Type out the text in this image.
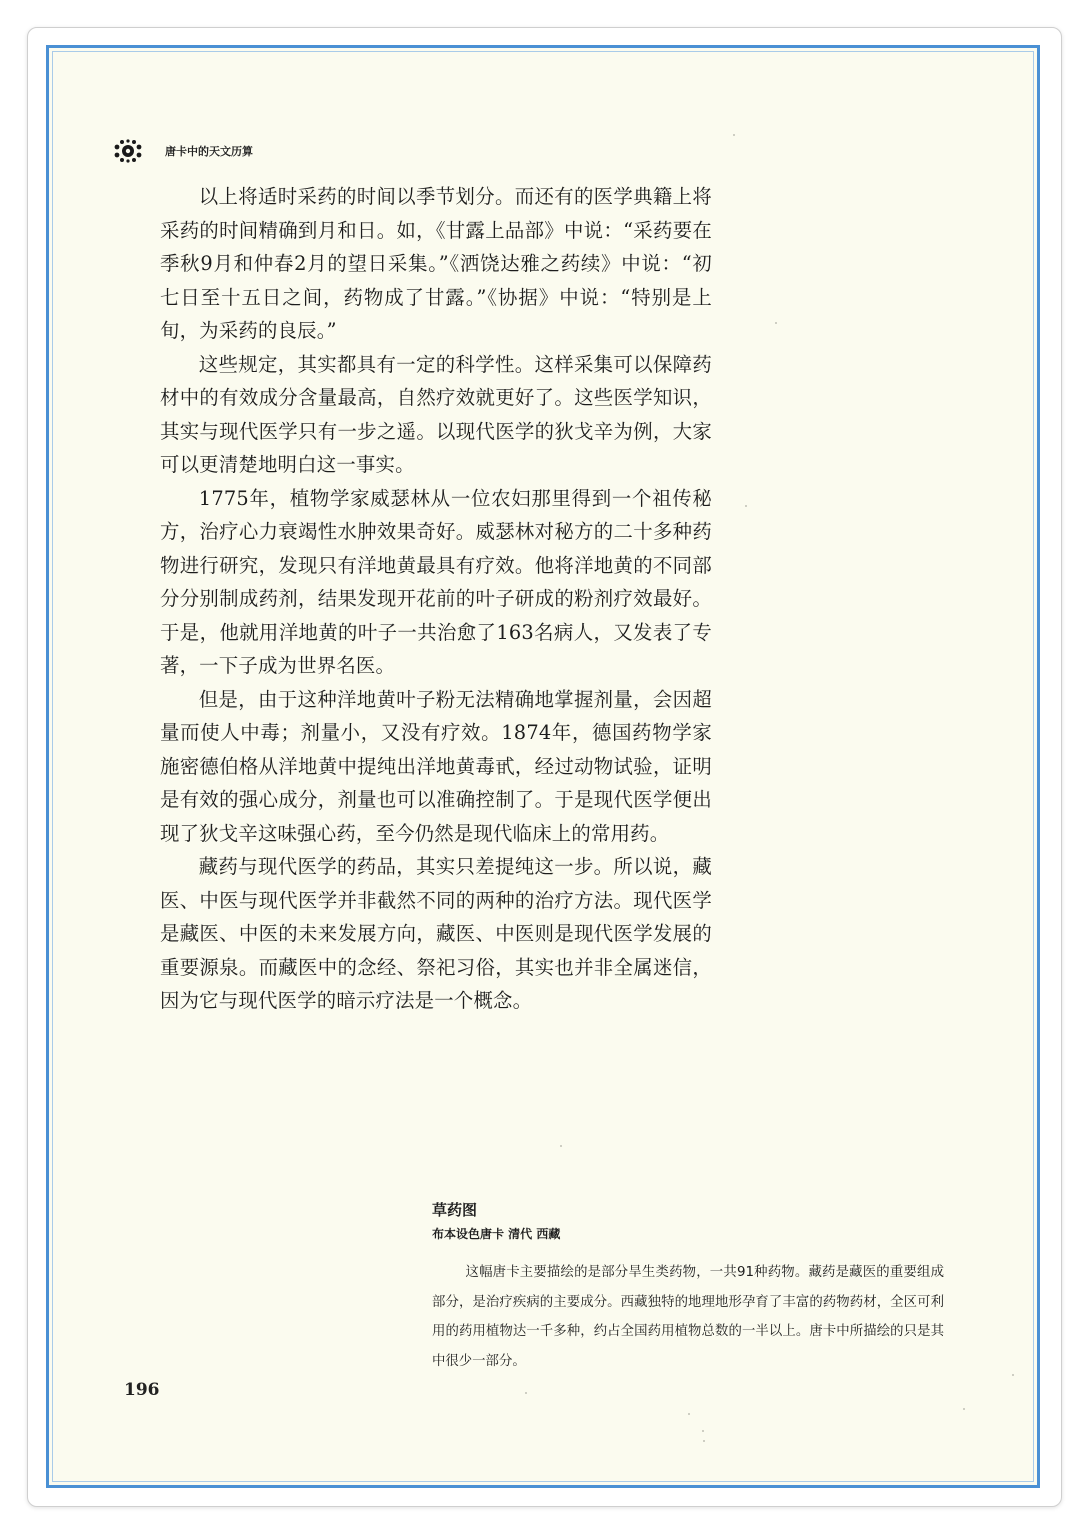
唐卡中的天文历算

以上将适时采药的时间以季节划分。而还有的医学典籍上将采药的时间精确到月和日。如，《甘露上品部》中说：“采药要在季秋9月和仲春2月的望日采集。”《洒饶达雅之药续》中说：“初七日至十五日之间，药物成了甘露。”《协据》中说：“特别是上旬，为采药的良辰。”

这些规定，其实都具有一定的科学性。这样采集可以保障药材中的有效成分含量最高，自然疗效就更好了。这些医学知识，其实与现代医学只有一步之遥。以现代医学的狄戈辛为例，大家可以更清楚地明白这一事实。

1775年，植物学家威瑟林从一位农妇那里得到一个祖传秘方，治疗心力衰竭性水肿效果奇好。威瑟林对秘方的二十多种药物进行研究，发现只有洋地黄最具有疗效。他将洋地黄的不同部分分别制成药剂，结果发现开花前的叶子研成的粉剂疗效最好。于是，他就用洋地黄的叶子一共治愈了163名病人，又发表了专著，一下子成为世界名医。

但是，由于这种洋地黄叶子粉无法精确地掌握剂量，会因超量而使人中毒；剂量小，又没有疗效。1874年，德国药物学家施密德伯格从洋地黄中提纯出洋地黄毒甙，经过动物试验，证明是有效的强心成分，剂量也可以准确控制了。于是现代医学便出现了狄戈辛这味强心药，至今仍然是现代临床上的常用药。

藏药与现代医学的药品，其实只差提纯这一步。所以说，藏医、中医与现代医学并非截然不同的两种的治疗方法。现代医学是藏医、中医的未来发展方向，藏医、中医则是现代医学发展的重要源泉。而藏医中的念经、祭祀习俗，其实也并非全属迷信，因为它与现代医学的暗示疗法是一个概念。

草药图
布本设色唐卡 清代 西藏

这幅唐卡主要描绘的是部分旱生类药物，一共91种药物。藏药是藏医的重要组成部分，是治疗疾病的主要成分。西藏独特的地理地形孕育了丰富的药物药材，全区可利用的药用植物达一千多种，约占全国药用植物总数的一半以上。唐卡中所描绘的只是其中很少一部分。

196
